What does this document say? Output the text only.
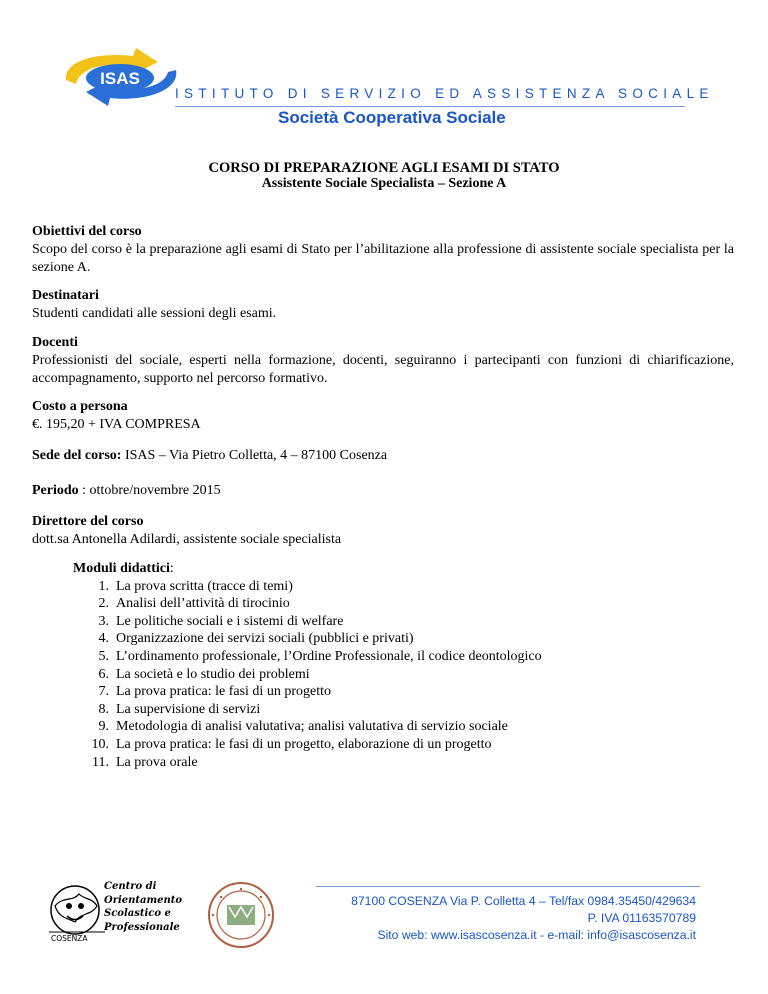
ISAS
ISTITUTO DI SERVIZIO ED ASSISTENZA SOCIALE
Società Cooperativa Sociale
CORSO DI PREPARAZIONE AGLI ESAMI DI STATO
Assistente Sociale Specialista – Sezione A
Obiettivi del corso

Scopo del corso è la preparazione agli esami di Stato per l’abilitazione alla professione di assistente sociale specialista per la sezione A.

Destinatari

Studenti candidati alle sessioni degli esami.

Docenti

Professionisti del sociale, esperti nella formazione, docenti, seguiranno i partecipanti con funzioni di chiarificazione, accompagnamento, supporto nel percorso formativo.

Costo a persona

€. 195,20 + IVA COMPRESA

Sede del corso: ISAS – Via Pietro Colletta, 4 – 87100 Cosenza

Periodo : ottobre/novembre 2015

Direttore del corso

dott.sa Antonella Adilardi, assistente sociale specialista

Moduli didattici:
1. La prova scritta (tracce di temi)
2. Analisi dell’attività di tirocinio
3. Le politiche sociali e i sistemi di welfare
4. Organizzazione dei servizi sociali (pubblici e privati)
5. L’ordinamento professionale, l’Ordine Professionale, il codice deontologico
6. La società e lo studio dei problemi
7. La prova pratica: le fasi di un progetto
8. La supervisione di servizi
9. Metodologia di analisi valutativa; analisi valutativa di servizio sociale
10. La prova pratica: le fasi di un progetto, elaborazione di un progetto
11. La prova orale
COSENZA
Centro di
Orientamento
Scolastico e
Professionale
87100 COSENZA Via P. Colletta 4 – Tel/fax 0984.35450/429634
P. IVA 01163570789
Sito web: www.isascosenza.it - e-mail: info@isascosenza.it
